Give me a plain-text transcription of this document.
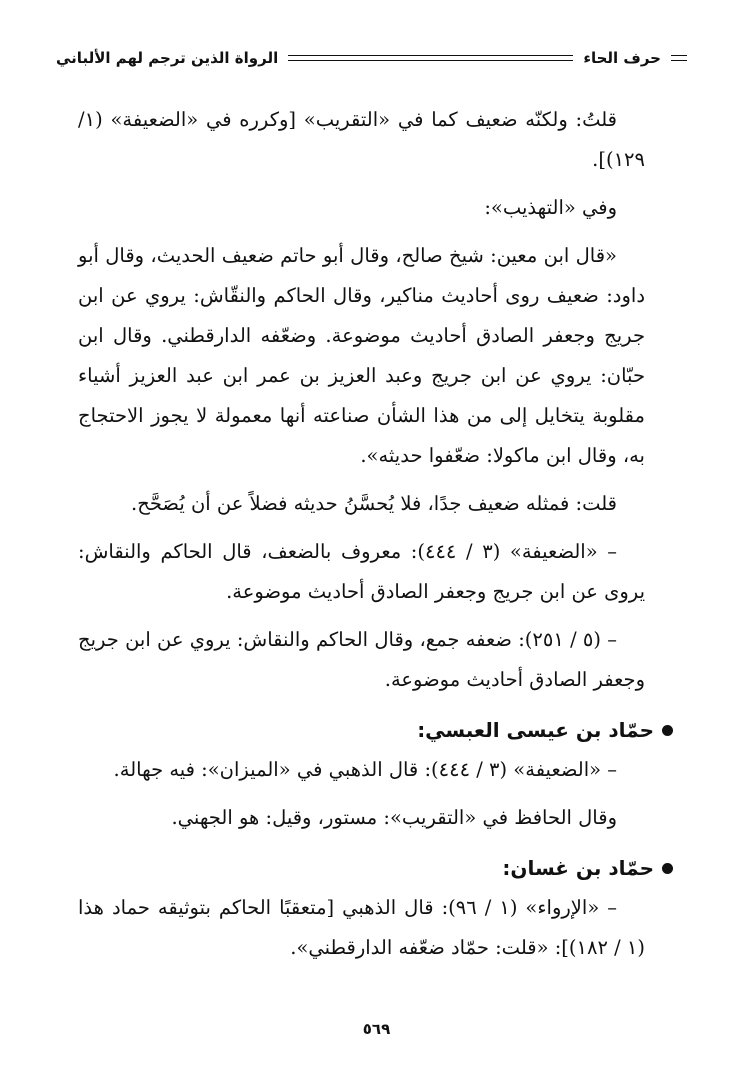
حرف الحاء
الرواة الذين ترجم لهم الألباني

قلتُ: ولكنّه ضعيف كما في «التقريب» [وكرره في «الضعيفة» (١/ ١٢٩)].

وفي «التهذيب»:

«قال ابن معين: شيخ صالح، وقال أبو حاتم ضعيف الحديث، وقال أبو داود: ضعيف روى أحاديث مناكير، وقال الحاكم والنقّاش: يروي عن ابن جريج وجعفر الصادق أحاديث موضوعة. وضعّفه الدارقطني. وقال ابن حبّان: يروي عن ابن جريج وعبد العزيز بن عمر ابن عبد العزيز أشياء مقلوبة يتخايل إلى من هذا الشأن صناعته أنها معمولة لا يجوز الاحتجاج به، وقال ابن ماكولا: ضعّفوا حديثه».

قلت: فمثله ضعيف جدًا، فلا يُحسَّنُ حديثه فضلاً عن أن يُصَحَّح.

– «الضعيفة» (٣ / ٤٤٤): معروف بالضعف، قال الحاكم والنقاش: يروى عن ابن جريج وجعفر الصادق أحاديث موضوعة.

– (٥ / ٢٥١): ضعفه جمع، وقال الحاكم والنقاش: يروي عن ابن جريج وجعفر الصادق أحاديث موضوعة.

حمّاد بن عيسى العبسي:

– «الضعيفة» (٣ / ٤٤٤): قال الذهبي في «الميزان»: فيه جهالة.

وقال الحافظ في «التقريب»: مستور، وقيل: هو الجهني.

حمّاد بن غسان:

– «الإرواء» (١ / ٩٦): قال الذهبي [متعقبًا الحاكم بتوثيقه حماد هذا (١ / ١٨٢)]: «قلت: حمّاد ضعّفه الدارقطني».

٥٦٩
